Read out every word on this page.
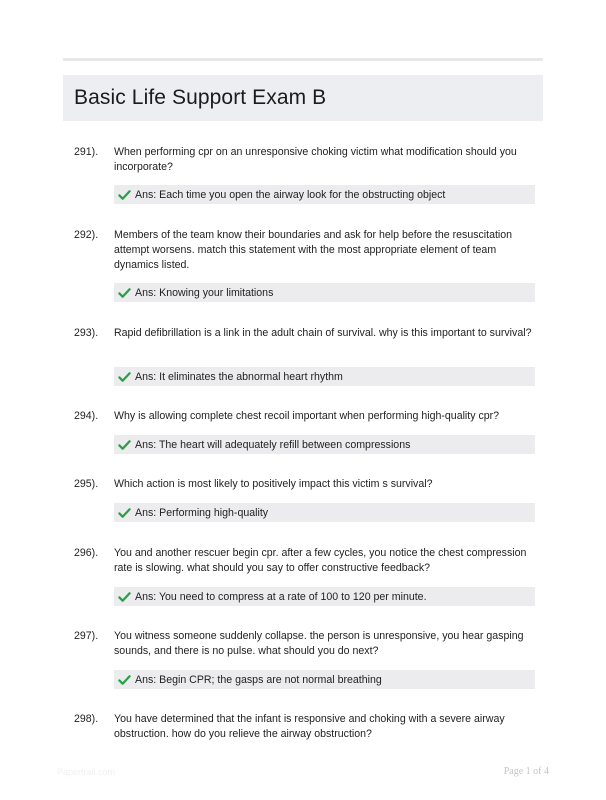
Basic Life Support Exam B
291). When performing cpr on an unresponsive choking victim what modification should you incorporate?
Ans: Each time you open the airway look for the obstructing object
292). Members of the team know their boundaries and ask for help before the resuscitation attempt worsens. match this statement with the most appropriate element of team dynamics listed.
Ans: Knowing your limitations
293). Rapid defibrillation is a link in the adult chain of survival. why is this important to survival?
Ans: It eliminates the abnormal heart rhythm
294). Why is allowing complete chest recoil important when performing high-quality cpr?
Ans: The heart will adequately refill between compressions
295). Which action is most likely to positively impact this victim s survival?
Ans: Performing high-quality
296). You and another rescuer begin cpr. after a few cycles, you notice the chest compression rate is slowing. what should you say to offer constructive feedback?
Ans: You need to compress at a rate of 100 to 120 per minute.
297). You witness someone suddenly collapse. the person is unresponsive, you hear gasping sounds, and there is no pulse. what should you do next?
Ans: Begin CPR; the gasps are not normal breathing
298). You have determined that the infant is responsive and choking with a severe airway obstruction. how do you relieve the airway obstruction?
Papertrail.com	Page 1 of 4
